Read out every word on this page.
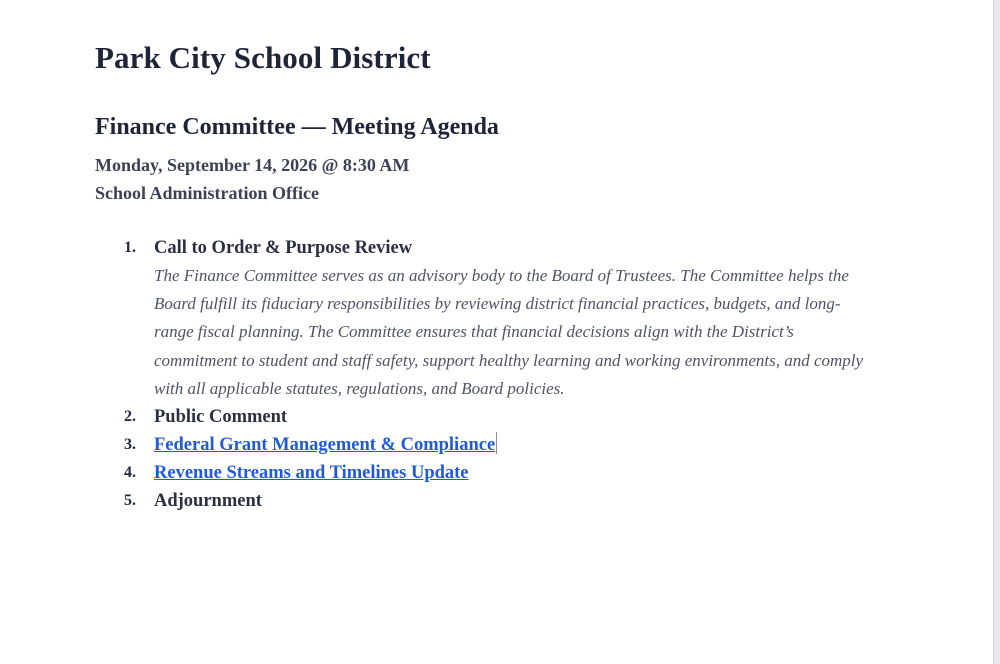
Park City School District
Finance Committee — Meeting Agenda

Monday, September 14, 2026 @ 8:30 AM

School Administration Office

1. Call to Order & Purpose Review

The Finance Committee serves as an advisory body to the Board of Trustees. The Committee helps the Board fulfill its fiduciary responsibilities by reviewing district financial practices, budgets, and long-range fiscal planning. The Committee ensures that financial decisions align with the District’s commitment to student and staff safety, support healthy learning and working environments, and comply with all applicable statutes, regulations, and Board policies.

2. Public Comment
3. Federal Grant Management & Compliance
4. Revenue Streams and Timelines Update
5. Adjournment
